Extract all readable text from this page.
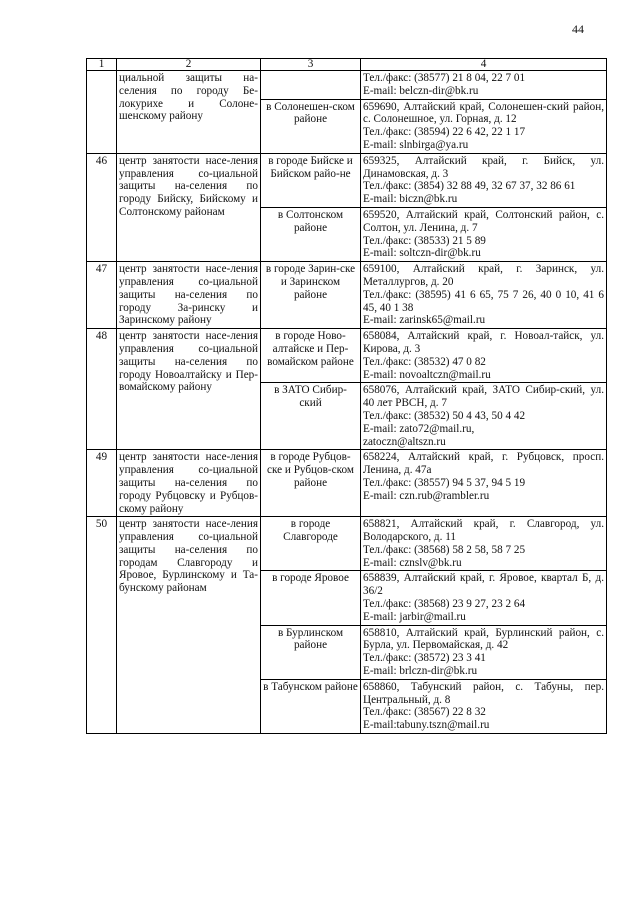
44
1	2	3	4
	циальной защиты на-селения по городу Бе-локурихе и Солоне-шенскому району		Тел./факс: (38577) 21 8 04, 22 7 01
E-mail: belczn-dir@bk.ru

		в Солонешен-ском районе	659690, Алтайский край, Солонешен-ский район, с. Солонешное, ул. Горная, д. 12
Тел./факс: (38594) 22 6 42, 22 1 17
E-mail: slnbirga@ya.ru

46	центр занятости насе-ления управления со-циальной защиты на-селения по городу Бийску, Бийскому и Солтонскому районам	в городе Бийске и Бийском райо-не	659325, Алтайский край, г. Бийск, ул. Динамовская, д. 3
Тел./факс: (3854) 32 88 49, 32 67 37, 32 86 61
E-mail: biczn@bk.ru

		в Солтонском районе	659520, Алтайский край, Солтонский район, с. Солтон, ул. Ленина, д. 7
Тел./факс: (38533) 21 5 89
E-mail: soltczn-dir@bk.ru

47	центр занятости насе-ления управления со-циальной защиты на-селения по городу За-ринску и Заринскому району	в городе Зарин-ске и Заринском районе	659100, Алтайский край, г. Заринск, ул. Металлургов, д. 20
Тел./факс: (38595) 41 6 65, 75 7 26, 40 0 10, 41 6 45, 40 1 38
E-mail: zarinsk65@mail.ru

48	центр занятости насе-ления управления со-циальной защиты на-селения по городу Новоалтайску и Пер-вомайскому району	в городе Ново-алтайске и Пер-вомайском районе	658084, Алтайский край, г. Новоал-тайск, ул. Кирова, д. 3
Тел./факс: (38532) 47 0 82
E-mail: novoaltczn@mail.ru

		в ЗАТО Сибир-ский	658076, Алтайский край, ЗАТО Сибир-ский, ул. 40 лет РВСН, д. 7
Тел./факс: (38532) 50 4 43, 50 4 42
E-mail: zato72@mail.ru,
zatoczn@altszn.ru

49	центр занятости насе-ления управления со-циальной защиты на-селения по городу Рубцовску и Рубцов-скому району	в городе Рубцов-ске и Рубцов-ском районе	658224, Алтайский край, г. Рубцовск, просп. Ленина, д. 47а
Тел./факс: (38557) 94 5 37, 94 5 19
E-mail: czn.rub@rambler.ru

50	центр занятости насе-ления управления со-циальной защиты на-селения по городам Славгороду и Яровое, Бурлинскому и Та-бунскому районам	в городе Славгороде	658821, Алтайский край, г. Славгород, ул. Володарского, д. 11
Тел./факс: (38568) 58 2 58, 58 7 25
E-mail: cznslv@bk.ru

		в городе Яровое	658839, Алтайский край, г. Яровое, квартал Б, д. 36/2
Тел./факс: (38568) 23 9 27, 23 2 64
E-mail: jarbir@mail.ru

		в Бурлинском районе	658810, Алтайский край, Бурлинский район, с. Бурла, ул. Первомайская, д. 42
Тел./факс: (38572) 23 3 41
E-mail: brlczn-dir@bk.ru

		в Табунском районе	658860, Табунский район, с. Табуны, пер. Центральный, д. 8
Тел./факс: (38567) 22 8 32
E-mail:tabuny.tszn@mail.ru
